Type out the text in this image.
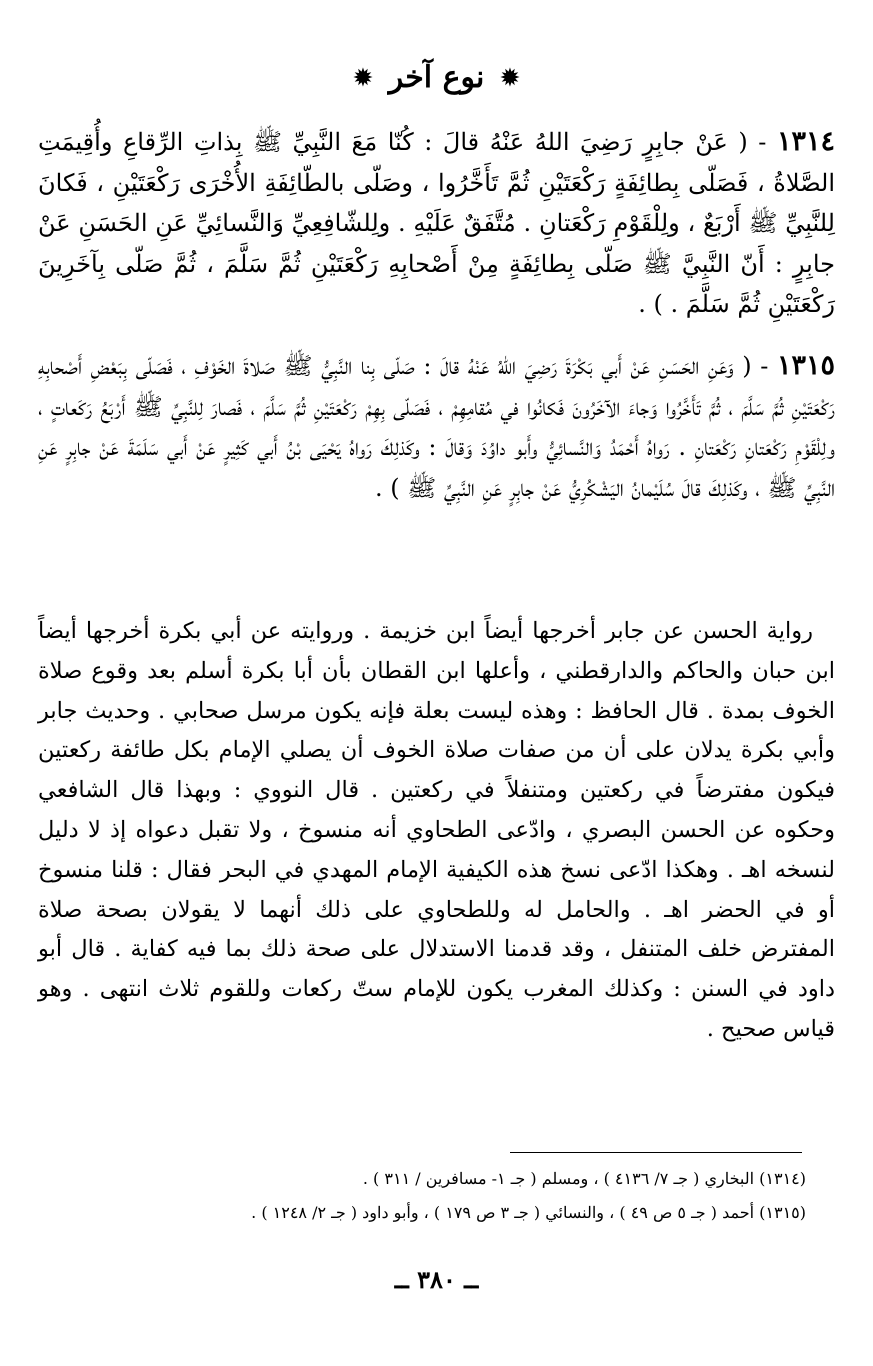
✹ نوع آخر ✹

١٣١٤ - ( عَنْ جابِرٍ رَضِيَ اللهُ عَنْهُ قالَ : كُنّا مَعَ النَّبِيِّ ﷺ بِذاتِ الرِّقاعِ وأُقِيمَتِ الصَّلاةُ ، فَصَلّى بِطائِفَةٍ رَكْعَتَيْنِ ثُمَّ تَأَخَّرُوا ، وصَلّى بالطّائِفَةِ الأُخْرَى رَكْعَتَيْنِ ، فَكانَ لِلنَّبِيِّ ﷺ أَرْبَعٌ ، ولِلْقَوْمِ رَكْعَتانِ . مُتَّفَقٌ عَلَيْهِ . ولِلشّافِعِيِّ وَالنَّسائِيِّ عَنِ الحَسَنِ عَنْ جابِرٍ : أَنّ النَّبِيَّ ﷺ صَلّى بِطائِفَةٍ مِنْ أَصْحابِهِ رَكْعَتَيْنِ ثُمَّ سَلَّمَ ، ثُمَّ صَلّى بِآخَرِينَ رَكْعَتَيْنِ ثُمَّ سَلَّمَ . ) .

١٣١٥ - ( وَعَنِ الحَسَنِ عَنْ أَبي بَكْرَةَ رَضِيَ اللهُ عَنْهُ قالَ : صَلّى بِنا النَّبِيُّ ﷺ صَلاةَ الخَوْفِ ، فَصَلّى بِبَعْضِ أَصْحابِهِ رَكْعَتَيْنِ ثُمَّ سَلَّمَ ، ثُمَّ تَأَخَّرُوا وَجاءَ الآخَرُونَ فَكانُوا في مُقامِهِمْ ، فَصَلّى بِهِمْ رَكْعَتَيْنِ ثُمَّ سَلَّمَ ، فَصارَ لِلنَّبِيِّ ﷺ أَرْبَعُ رَكَعاتٍ ، ولِلْقَوْمِ رَكْعَتانِ رَكْعَتانِ . رَواهُ أَحْمَدُ وَالنَّسائِيُّ وأَبو داوُدَ وَقالَ : وكَذلِكَ رَواهُ يَحْيَى بْنُ أَبي كَثِيرٍ عَنْ أَبي سَلَمَةَ عَنْ جابِرٍ عَنِ النَّبِيِّ ﷺ ، وكَذلِكَ قالَ سُلَيْمانُ اليَشْكُرِيُّ عَنْ جابِرٍ عَنِ النَّبِيِّ ﷺ ) .

رواية الحسن عن جابر أخرجها أيضاً ابن خزيمة . وروايته عن أبي بكرة أخرجها أيضاً ابن حبان والحاكم والدارقطني ، وأعلها ابن القطان بأن أبا بكرة أسلم بعد وقوع صلاة الخوف بمدة . قال الحافظ : وهذه ليست بعلة فإنه يكون مرسل صحابي . وحديث جابر وأبي بكرة يدلان على أن من صفات صلاة الخوف أن يصلي الإمام بكل طائفة ركعتين فيكون مفترضاً في ركعتين ومتنفلاً في ركعتين . قال النووي : وبهذا قال الشافعي وحكوه عن الحسن البصري ، وادّعى الطحاوي أنه منسوخ ، ولا تقبل دعواه إذ لا دليل لنسخه اهـ . وهكذا ادّعى نسخ هذه الكيفية الإمام المهدي في البحر فقال : قلنا منسوخ أو في الحضر اهـ . والحامل له وللطحاوي على ذلك أنهما لا يقولان بصحة صلاة المفترض خلف المتنفل ، وقد قدمنا الاستدلال على صحة ذلك بما فيه كفاية . قال أبو داود في السنن : وكذلك المغرب يكون للإمام ستّ ركعات وللقوم ثلاث انتهى . وهو قياس صحيح .

(١٣١٤) البخاري ( جـ ٧/ ٤١٣٦ ) ، ومسلم ( جـ ١- مسافرين / ٣١١ ) .

(١٣١٥) أحمد ( جـ ٥ ص ٤٩ ) ، والنسائي ( جـ ٣ ص ١٧٩ ) ، وأبو داود ( جـ ٢/ ١٢٤٨ ) .

ــ ٣٨٠ ــ
